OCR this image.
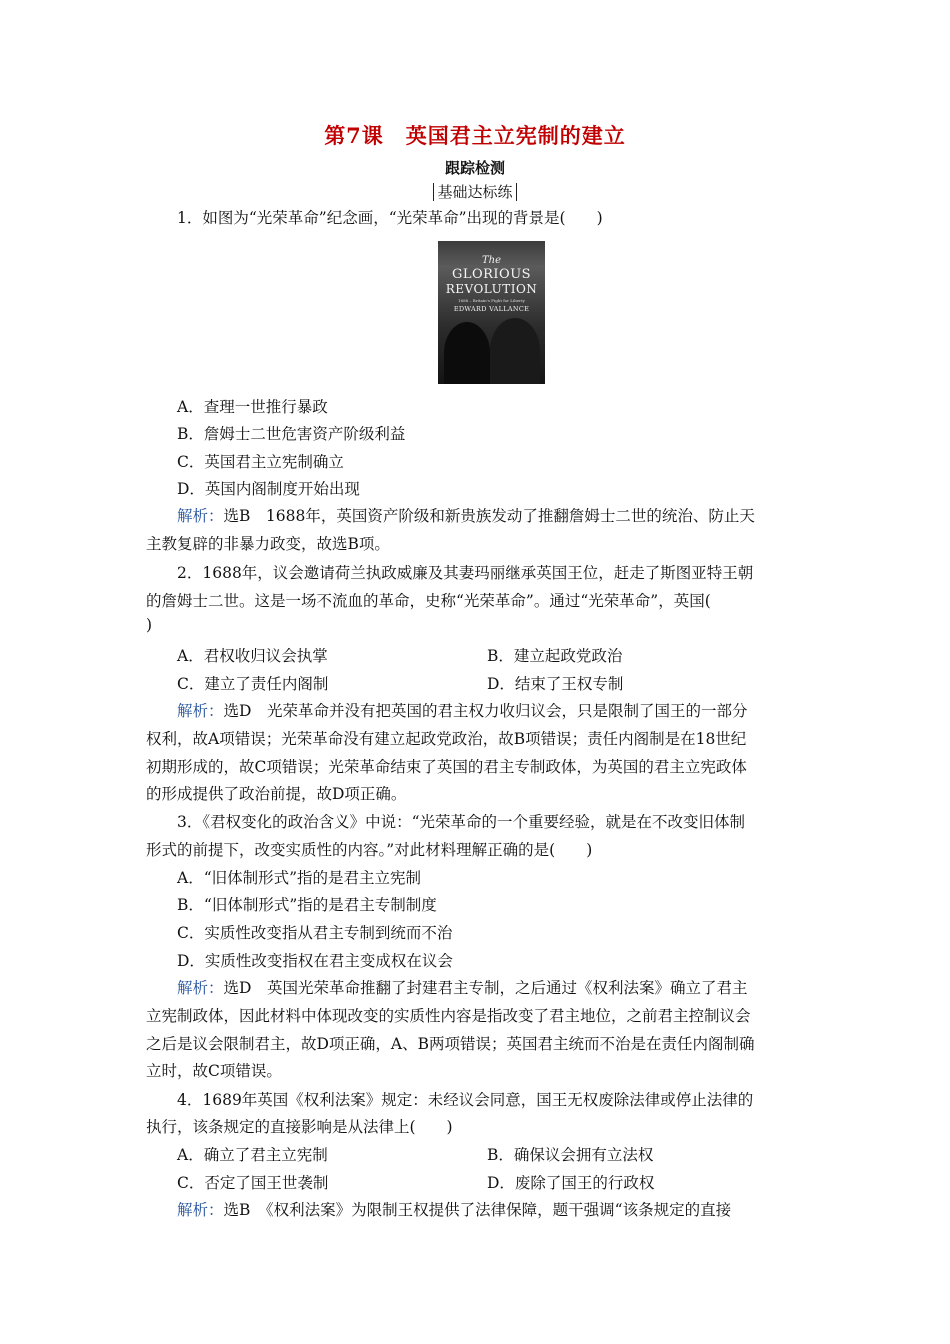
第7课　英国君主立宪制的建立
跟踪检测
基础达标练
1．如图为“光荣革命”纪念画，“光荣革命”出现的背景是(　　)
The
GLORIOUS
REVOLUTION
1688 – Britain's Fight for Liberty
EDWARD VALLANCE
A．查理一世推行暴政
B．詹姆士二世危害资产阶级利益
C．英国君主立宪制确立
D．英国内阁制度开始出现
解析：选B　1688年，英国资产阶级和新贵族发动了推翻詹姆士二世的统治、防止天
主教复辟的非暴力政变，故选B项。
2．1688年，议会邀请荷兰执政威廉及其妻玛丽继承英国王位，赶走了斯图亚特王朝
的詹姆士二世。这是一场不流血的革命，史称“光荣革命”。通过“光荣革命”，英国(
)
A．君权收归议会执掌	B．建立起政党政治
C．建立了责任内阁制	D．结束了王权专制
解析：选D　光荣革命并没有把英国的君主权力收归议会，只是限制了国王的一部分
权利，故A项错误；光荣革命没有建立起政党政治，故B项错误；责任内阁制是在18世纪
初期形成的，故C项错误；光荣革命结束了英国的君主专制政体，为英国的君主立宪政体
的形成提供了政治前提，故D项正确。
3．《君权变化的政治含义》中说：“光荣革命的一个重要经验，就是在不改变旧体制
形式的前提下，改变实质性的内容。”对此材料理解正确的是(　　)
A．“旧体制形式”指的是君主立宪制
B．“旧体制形式”指的是君主专制制度
C．实质性改变指从君主专制到统而不治
D．实质性改变指权在君主变成权在议会
解析：选D　英国光荣革命推翻了封建君主专制，之后通过《权利法案》确立了君主
立宪制政体，因此材料中体现改变的实质性内容是指改变了君主地位，之前君主控制议会
之后是议会限制君主，故D项正确，A、B两项错误；英国君主统而不治是在责任内阁制确
立时，故C项错误。
4．1689年英国《权利法案》规定：未经议会同意，国王无权废除法律或停止法律的
执行，该条规定的直接影响是从法律上(　　)
A．确立了君主立宪制	B．确保议会拥有立法权
C．否定了国王世袭制	D．废除了国王的行政权
解析：选B　《权利法案》为限制王权提供了法律保障，题干强调“该条规定的直接
